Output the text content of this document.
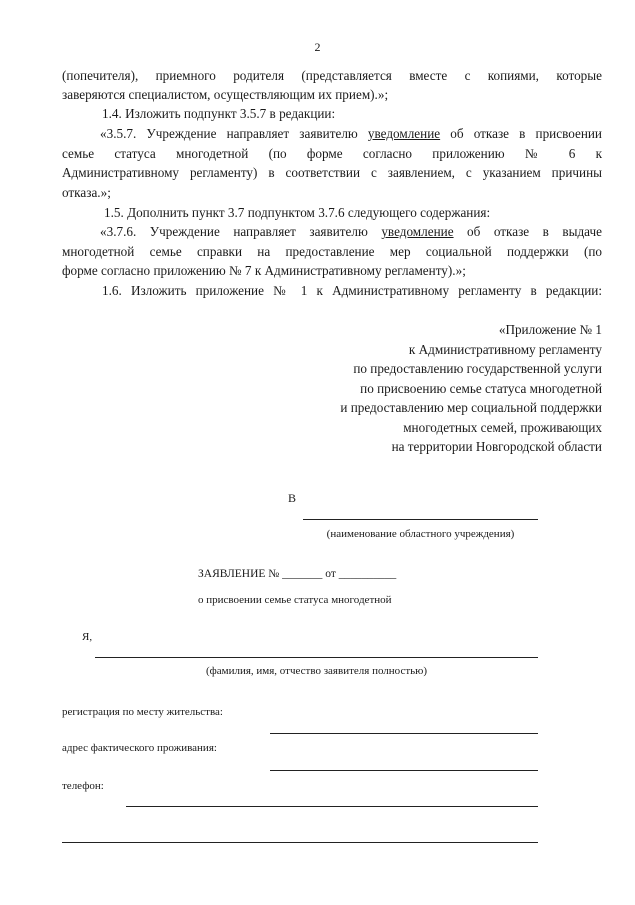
2
(попечителя), приемного родителя (представляется вместе с копиями, которые
заверяются специалистом, осуществляющим их прием).»;
1.4. Изложить подпункт 3.5.7 в редакции:
«3.5.7. Учреждение направляет заявителю уведомление об отказе в присвоении
семье статуса многодетной (по форме согласно приложению № 6 к
Административному регламенту) в соответствии с заявлением, с указанием причины
отказа.»;
1.5. Дополнить пункт 3.7 подпунктом 3.7.6 следующего содержания:
«3.7.6. Учреждение направляет заявителю уведомление об отказе в выдаче
многодетной семье справки на предоставление мер социальной поддержки (по
форме согласно приложению № 7 к Административному регламенту).»;
1.6. Изложить приложение № 1 к Административному регламенту в редакции:
«Приложение № 1
к Административному регламенту
по предоставлению государственной услуги
по присвоению семье статуса многодетной
и предоставлению мер социальной поддержки
многодетных семей, проживающих
на территории Новгородской области
В
(наименование областного учреждения)
ЗАЯВЛЕНИЕ № _______ от __________
о присвоении семье статуса многодетной
Я,
(фамилия, имя, отчество заявителя полностью)
регистрация по месту жительства:
адрес фактического проживания:
телефон:
